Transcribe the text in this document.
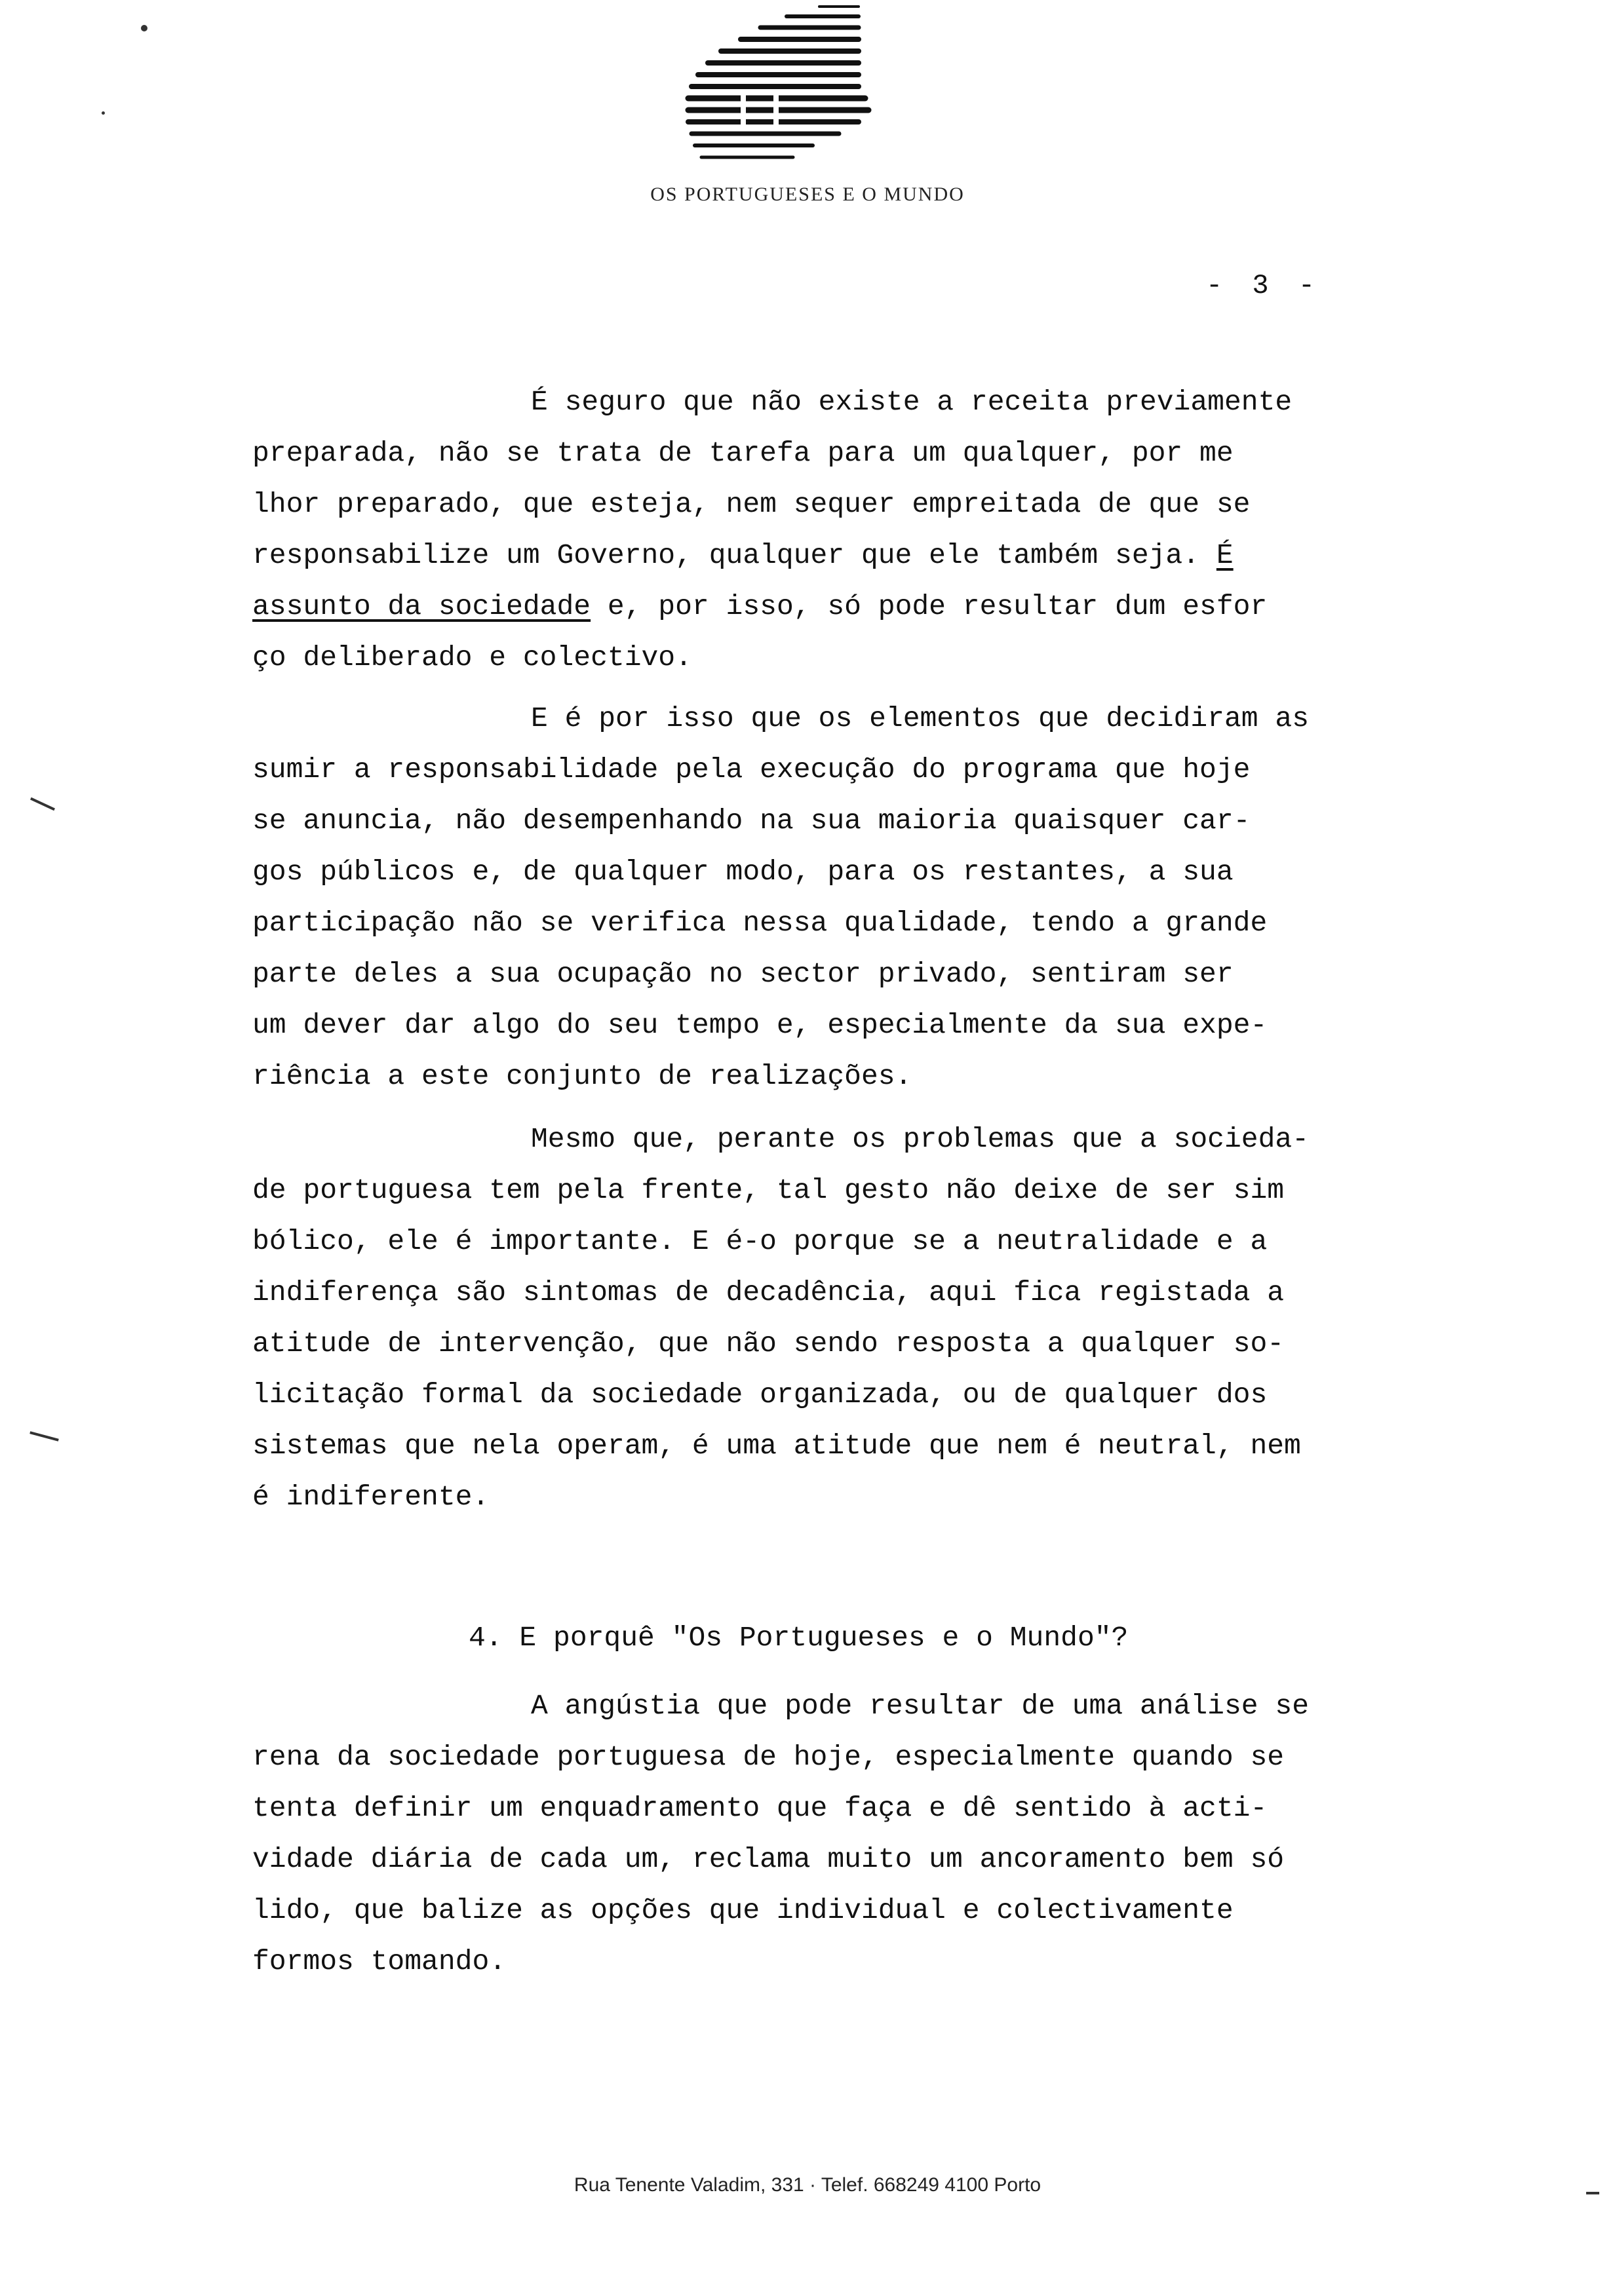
OS PORTUGUESES E O MUNDO
- 3 -

É seguro que não existe a receita previamente

preparada, não se trata de tarefa para um qualquer, por me

lhor preparado, que esteja, nem sequer empreitada de que se

responsabilize um Governo, qualquer que ele também seja. É

assunto da sociedade e, por isso, só pode resultar dum esfor

ço deliberado e colectivo.

E é por isso que os elementos que decidiram as

sumir a responsabilidade pela execução do programa que hoje

se anuncia, não desempenhando na sua maioria quaisquer car-

gos públicos e, de qualquer modo, para os restantes, a sua

participação não se verifica nessa qualidade, tendo a grande

parte deles a sua ocupação no sector privado, sentiram ser

um dever dar algo do seu tempo e, especialmente da sua expe-

riência a este conjunto de realizações.

Mesmo que, perante os problemas que a socieda-

de portuguesa tem pela frente, tal gesto não deixe de ser sim

bólico, ele é importante. E é-o porque se a neutralidade e a

indiferença são sintomas de decadência, aqui fica registada a

atitude de intervenção, que não sendo resposta a qualquer so-

licitação formal da sociedade organizada, ou de qualquer dos

sistemas que nela operam, é uma atitude que nem é neutral, nem

é indiferente.

4. E porquê "Os Portugueses e o Mundo"?

A angústia que pode resultar de uma análise se

rena da sociedade portuguesa de hoje, especialmente quando se

tenta definir um enquadramento que faça e dê sentido à acti-

vidade diária de cada um, reclama muito um ancoramento bem só

lido, que balize as opções que individual e colectivamente

formos tomando.

Rua Tenente Valadim, 331 · Telef. 668249 4100 Porto
